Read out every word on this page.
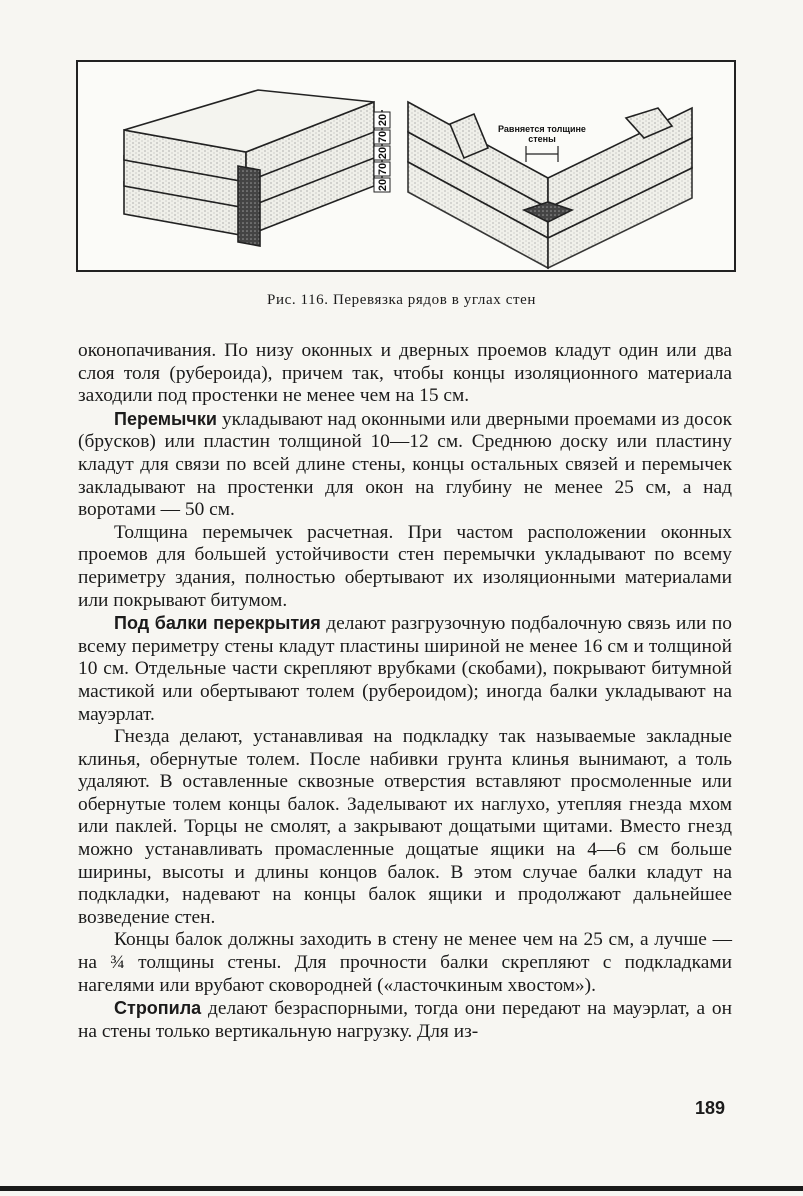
20
70
20
70
20
Равняется толщине
стены
Рис. 116. Перевязка рядов в углах стен

оконопачивания. По низу оконных и дверных проемов кладут один или два слоя толя (рубероида), причем так, чтобы концы изоляционного материала заходили под простенки не менее чем на 15 см.

Перемычки укладывают над оконными или дверными проемами из досок (брусков) или пластин толщиной 10—12 см. Среднюю доску или пластину кладут для связи по всей длине стены, концы остальных связей и перемычек закладывают на простенки для окон на глубину не менее 25 см, а над воротами — 50 см.

Толщина перемычек расчетная. При частом расположении оконных проемов для большей устойчивости стен перемычки укладывают по всему периметру здания, полностью обертывают их изоляционными материалами или покрывают битумом.

Под балки перекрытия делают разгрузочную подбалочную связь или по всему периметру стены кладут пластины шириной не менее 16 см и толщиной 10 см. Отдельные части скрепляют врубками (скобами), покрывают битумной мастикой или обертывают толем (рубероидом); иногда балки укладывают на мауэрлат.

Гнезда делают, устанавливая на подкладку так называемые закладные клинья, обернутые толем. После набивки грунта клинья вынимают, а толь удаляют. В оставленные сквозные отверстия вставляют просмоленные или обернутые толем концы балок. Заделывают их наглухо, утепляя гнезда мхом или паклей. Торцы не смолят, а закрывают дощатыми щитами. Вместо гнезд можно устанавливать промасленные дощатые ящики на 4—6 см больше ширины, высоты и длины концов балок. В этом случае балки кладут на подкладки, надевают на концы балок ящики и продолжают дальнейшее возведение стен.

Концы балок должны заходить в стену не менее чем на 25 см, а лучше — на ¾ толщины стены. Для прочности балки скрепляют с подкладками нагелями или врубают сковородней («ласточкиным хвостом»).

Стропила делают безраспорными, тогда они передают на мауэрлат, а он на стены только вертикальную нагрузку. Для из-

189
